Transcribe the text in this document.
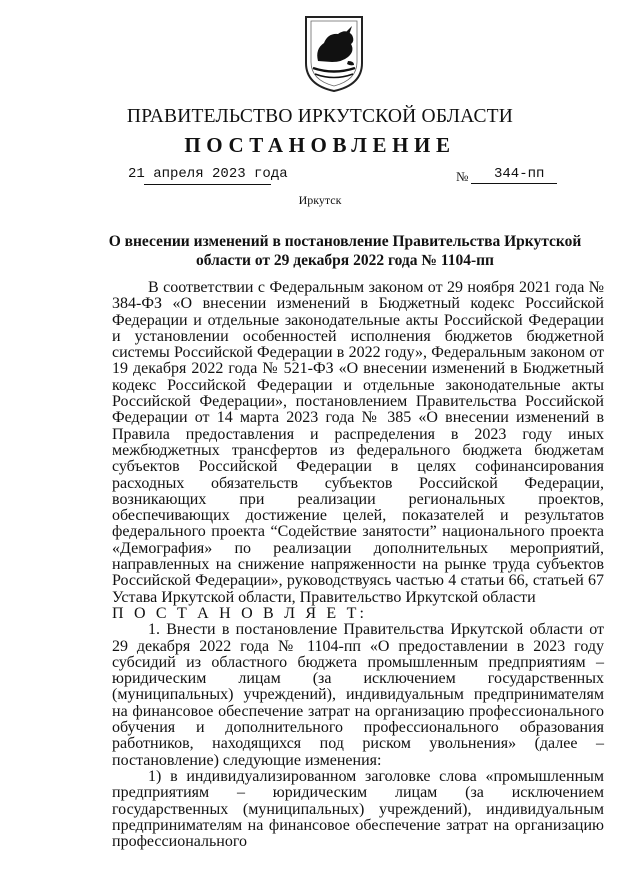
ПРАВИТЕЛЬСТВО ИРКУТСКОЙ ОБЛАСТИ
ПОСТАНОВЛЕНИЕ
21 апреля 2023 года	№ 344-пп
Иркутск
О внесении изменений в постановление Правительства Иркутской области от 29 декабря 2022 года № 1104-пп

В соответствии с Федеральным законом от 29 ноября 2021 года № 384-ФЗ «О внесении изменений в Бюджетный кодекс Российской Федерации и отдельные законодательные акты Российской Федерации и установлении особенностей исполнения бюджетов бюджетной системы Российской Федерации в 2022 году», Федеральным законом от 19 декабря 2022 года № 521-ФЗ «О внесении изменений в Бюджетный кодекс Российской Федерации и отдельные законодательные акты Российской Федерации», постановлением Правительства Российской Федерации от 14 марта 2023 года № 385 «О внесении изменений в Правила предоставления и распределения в 2023 году иных межбюджетных трансфертов из федерального бюджета бюджетам субъектов Российской Федерации в целях софинансирования расходных обязательств субъектов Российской Федерации, возникающих при реализации региональных проектов, обеспечивающих достижение целей, показателей и результатов федерального проекта “Содействие занятости” национального проекта «Демография» по реализации дополнительных мероприятий, направленных на снижение напряженности на рынке труда субъектов Российской Федерации», руководствуясь частью 4 статьи 66, статьей 67 Устава Иркутской области, Правительство Иркутской области

П О С Т А Н О В Л Я Е Т:

1. Внести в постановление Правительства Иркутской области от 29 декабря 2022 года № 1104-пп «О предоставлении в 2023 году субсидий из областного бюджета промышленным предприятиям – юридическим лицам (за исключением государственных (муниципальных) учреждений), индивидуальным предпринимателям на финансовое обеспечение затрат на организацию профессионального обучения и дополнительного профессионального образования работников, находящихся под риском увольнения» (далее – постановление) следующие изменения:

1) в индивидуализированном заголовке слова «промышленным предприятиям – юридическим лицам (за исключением государственных (муниципальных) учреждений), индивидуальным предпринимателям на финансовое обеспечение затрат на организацию профессионального
